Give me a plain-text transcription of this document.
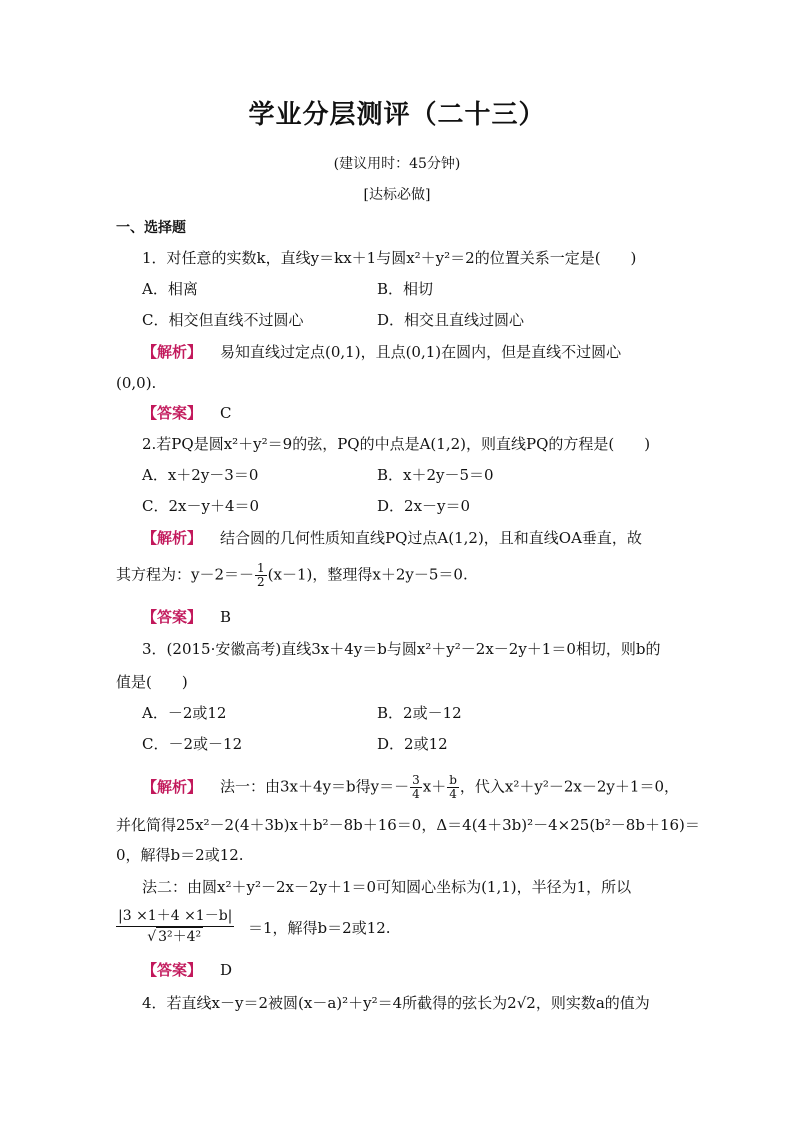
学业分层测评（二十三）
(建议用时：45分钟)
[达标必做]
一、选择题
1．对任意的实数k，直线y＝kx＋1与圆x²＋y²＝2的位置关系一定是(　　)
A．相离	B．相切
C．相交但直线不过圆心	D．相交且直线过圆心
【解析】 易知直线过定点(0,1)，且点(0,1)在圆内，但是直线不过圆心
(0,0).
【答案】 C
2.若PQ是圆x²＋y²＝9的弦，PQ的中点是A(1,2)，则直线PQ的方程是(　　)
A．x＋2y－3＝0	B．x＋2y－5＝0
C．2x－y＋4＝0	D．2x－y＝0
【解析】 结合圆的几何性质知直线PQ过点A(1,2)，且和直线OA垂直，故
其方程为：$y-2=- \frac{1}{2} (x-1)$，整理得x＋2y－5＝0.
【答案】 B
3．(2015·安徽高考)直线3x＋4y＝b与圆x²＋y²－2x－2y＋1＝0相切，则b的
值是(　　)
A．－2或12	B．2或－12
C．－2或－12	D．2或12
【解析】 法一：由3x＋4y＝b得$y=- \frac{3}{4} x+ \frac{b}{4}$ ，代入x²＋y²－2x－2y＋1＝0，
并化简得25x²－2(4＋3b)x＋b²－8b＋16＝0，Δ＝4(4＋3b)²－4×25(b²－8b＋16)＝
0，解得b＝2或12.
法二：由圆x²＋y²－2x－2y＋1＝0可知圆心坐标为(1,1)，半径为1，所以
$\frac{|3 \times 1+4 \times 1-b|}{\text{√ 3²＋4²}} =1$，解得b＝2或12.
【答案】 D
4．若直线x－y＝2被圆(x－a)²＋y²＝4所截得的弦长为2√2，则实数a的值为
